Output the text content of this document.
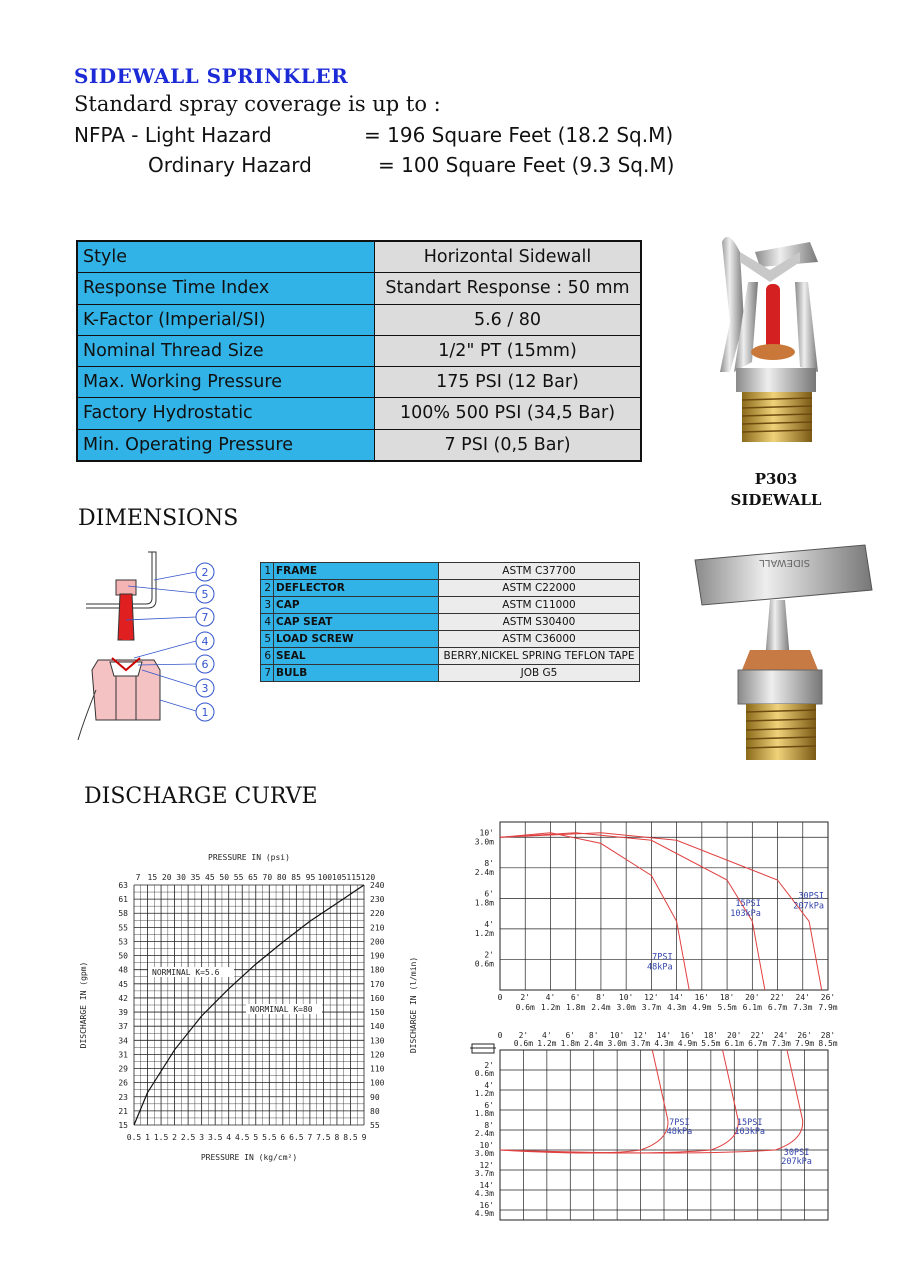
SIDEWALL SPRINKLER
Standard spray coverage is up to :
NFPA - Light Hazard	= 196 Square Feet (18.2 Sq.M)
Ordinary Hazard	= 100 Square Feet (9.3 Sq.M)
Style	Horizontal Sidewall
Response Time Index	Standart Response : 50 mm
K-Factor (Imperial/SI)	5.6 / 80
Nominal Thread Size	1/2" PT (15mm)
Max. Working Pressure	175 PSI (12 Bar)
Factory Hydrostatic	100% 500 PSI (34,5 Bar)
Min. Operating Pressure	7 PSI (0,5 Bar)
P303
SIDEWALL
DIMENSIONS
2
5
7
4
6
3
1
1	FRAME	ASTM C37700
2	DEFLECTOR	ASTM C22000
3	CAP	ASTM C11000
4	CAP SEAT	ASTM S30400
5	LOAD SCREW	ASTM C36000
6	SEAL	BERRY,NICKEL SPRING TEFLON TAPE
7	BULB	JOB G5
SIDEWALL
DISCHARGE CURVE
PRESSURE IN (psi)
7 15 20 30 35 45 50 55 65 70 80 85 95 100 105 115 120
0.5 1 1.5 2 2.5 3 3.5 4 4.5 5 5.5 6 6.5 7 7.5 8 8.5 9
63
61
58
55
53
50
48
45
42
39
37
34
31
29
26
23
21
15
240
230
220
210
200
190
180
170
160
150
140
130
120
110
100
90
80
55
PRESSURE IN (kg/cm²)
DISCHARGE IN (gpm)	DISCHARGE IN (l/min)
NORMINAL K=5.6
NORMINAL K=80
10'
3.0m
8'
2.4m
6'
1.8m
4'
1.2m
2'
0.6m
0 2' 4' 6' 8' 10' 12' 14' 16' 18' 20' 22' 24' 26'
0.6m 1.2m 1.8m 2.4m 3.0m 3.7m 4.3m 4.9m 5.5m 6.1m 6.7m 7.3m 7.9m
7PSI
48kPa
15PSI
103kPa
30PSI
207kPa
0 2' 4' 6' 8' 10' 12' 14' 16' 18' 20' 22' 24' 26' 28'
0.6m 1.2m 1.8m 2.4m 3.0m 3.7m 4.3m 4.9m 5.5m 6.1m 6.7m 7.3m 7.9m 8.5m
2'
0.6m
4'
1.2m
6'
1.8m
8'
2.4m
10'
3.0m
12'
3.7m
14'
4.3m
16'
4.9m
7PSI
48kPa
15PSI
103kPa
30PSI
207kPa
